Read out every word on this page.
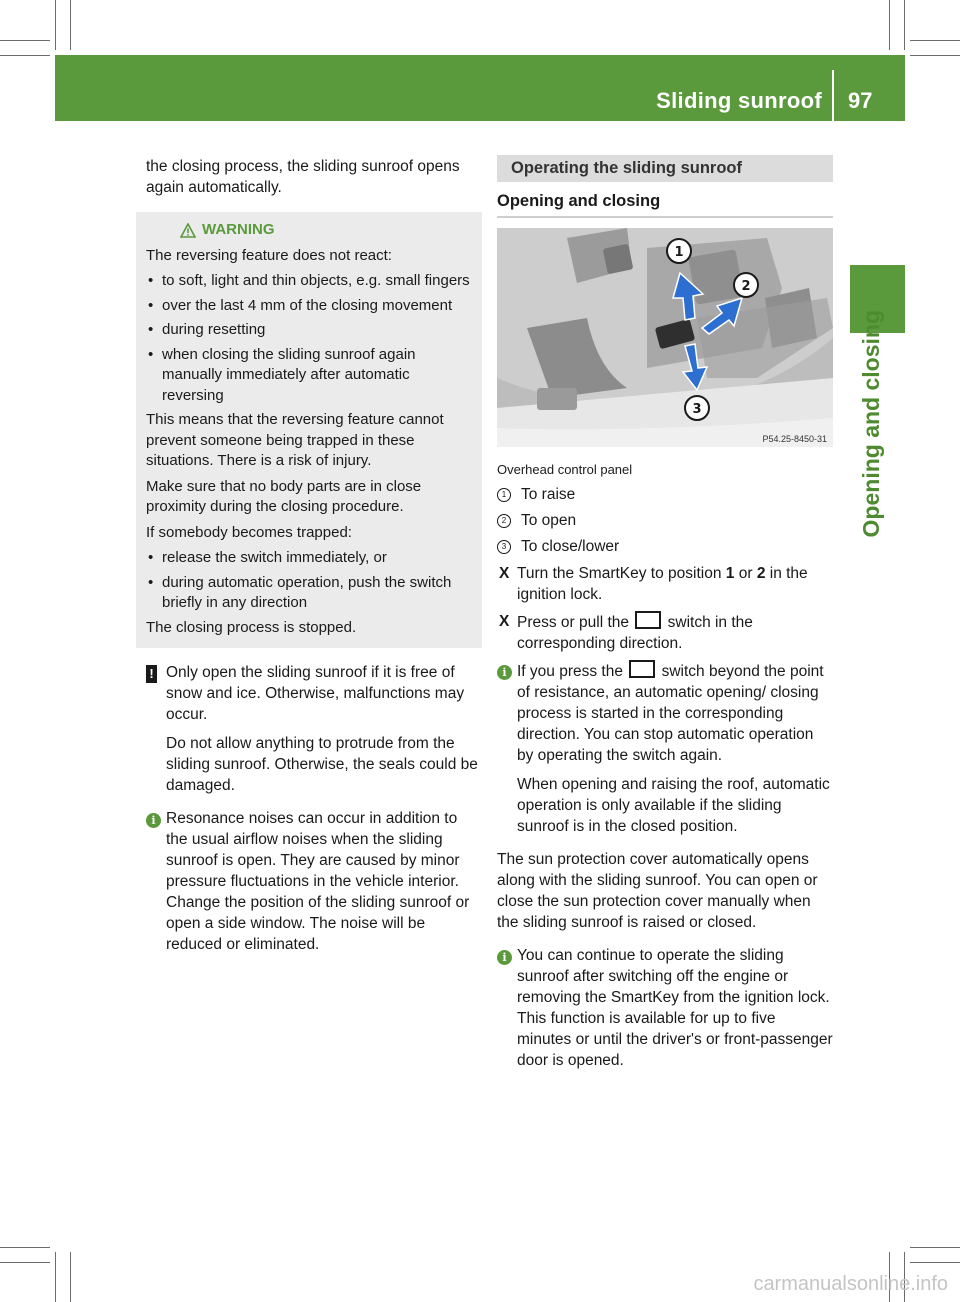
Sliding sunroof 97
Opening and closing

the closing process, the sliding sunroof opens again automatically.

WARNING

The reversing feature does not react:

• to soft, light and thin objects, e.g. small fingers
• over the last 4 mm of the closing movement
• during resetting
• when closing the sliding sunroof again manually immediately after automatic reversing

This means that the reversing feature cannot prevent someone being trapped in these situations. There is a risk of injury.

Make sure that no body parts are in close proximity during the closing procedure.

If somebody becomes trapped:

• release the switch immediately, or
• during automatic operation, push the switch briefly in any direction

The closing process is stopped.

! Only open the sliding sunroof if it is free of snow and ice. Otherwise, malfunctions may occur.

Do not allow anything to protrude from the sliding sunroof. Otherwise, the seals could be damaged.

i Resonance noises can occur in addition to the usual airflow noises when the sliding sunroof is open. They are caused by minor pressure fluctuations in the vehicle interior. Change the position of the sliding sunroof or open a side window. The noise will be reduced or eliminated.

Operating the sliding sunroof
Opening and closing
1
2
3
P54.25-8450-31

Overhead control panel

1 To raise
2 To open
3 To close/lower
X Turn the SmartKey to position 1 or 2 in the ignition lock.
X Press or pull the  switch in the corresponding direction.
i If you press the  switch beyond the point of resistance, an automatic opening/ closing process is started in the corresponding direction. You can stop automatic operation by operating the switch again.

When opening and raising the roof, automatic operation is only available if the sliding sunroof is in the closed position.

The sun protection cover automatically opens along with the sliding sunroof. You can open or close the sun protection cover manually when the sliding sunroof is raised or closed.

i You can continue to operate the sliding sunroof after switching off the engine or removing the SmartKey from the ignition lock. This function is available for up to five minutes or until the driver's or front-passenger door is opened.

carmanualsonline.info
